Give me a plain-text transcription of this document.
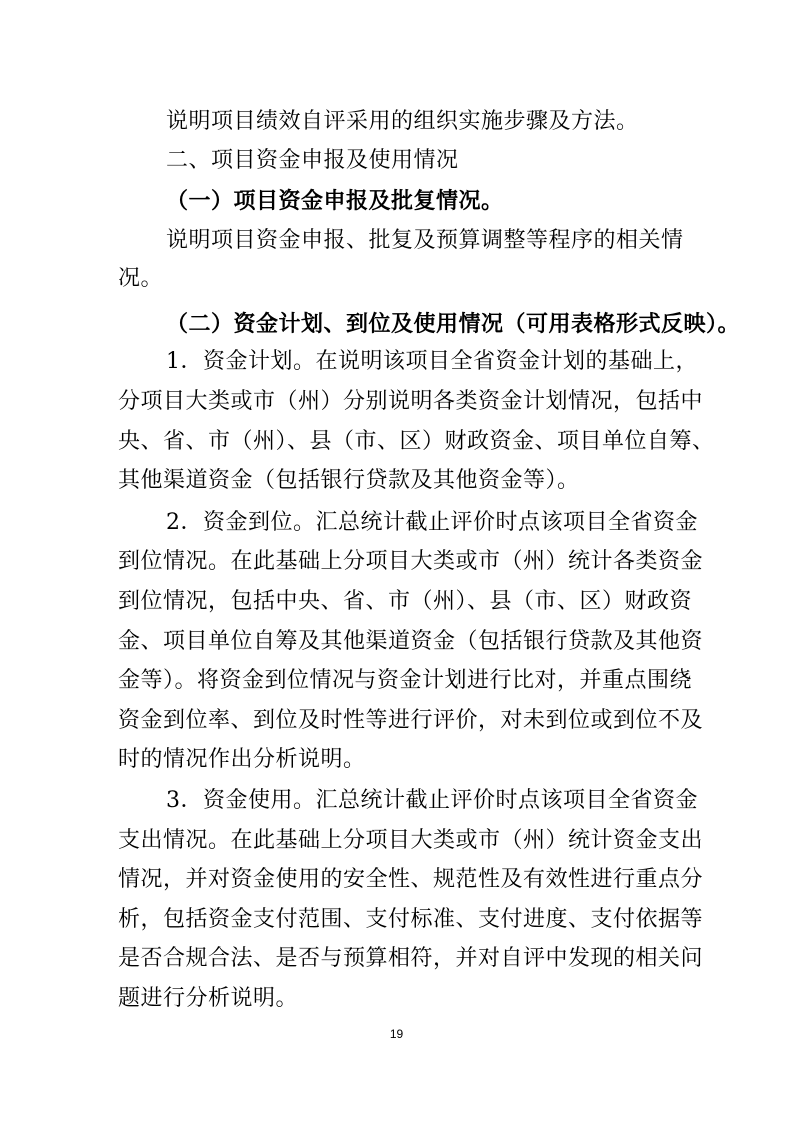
说明项目绩效自评采用的组织实施步骤及方法。
二、项目资金申报及使用情况
（一）项目资金申报及批复情况。
说明项目资金申报、批复及预算调整等程序的相关情
况。
（二）资金计划、到位及使用情况（可用表格形式反映）。
1．资金计划。在说明该项目全省资金计划的基础上，
分项目大类或市（州）分别说明各类资金计划情况，包括中
央、省、市（州）、县（市、区）财政资金、项目单位自筹、
其他渠道资金（包括银行贷款及其他资金等）。
2．资金到位。汇总统计截止评价时点该项目全省资金
到位情况。在此基础上分项目大类或市（州）统计各类资金
到位情况，包括中央、省、市（州）、县（市、区）财政资
金、项目单位自筹及其他渠道资金（包括银行贷款及其他资
金等）。将资金到位情况与资金计划进行比对，并重点围绕
资金到位率、到位及时性等进行评价，对未到位或到位不及
时的情况作出分析说明。
3．资金使用。汇总统计截止评价时点该项目全省资金
支出情况。在此基础上分项目大类或市（州）统计资金支出
情况，并对资金使用的安全性、规范性及有效性进行重点分
析，包括资金支付范围、支付标准、支付进度、支付依据等
是否合规合法、是否与预算相符，并对自评中发现的相关问
题进行分析说明。
19
